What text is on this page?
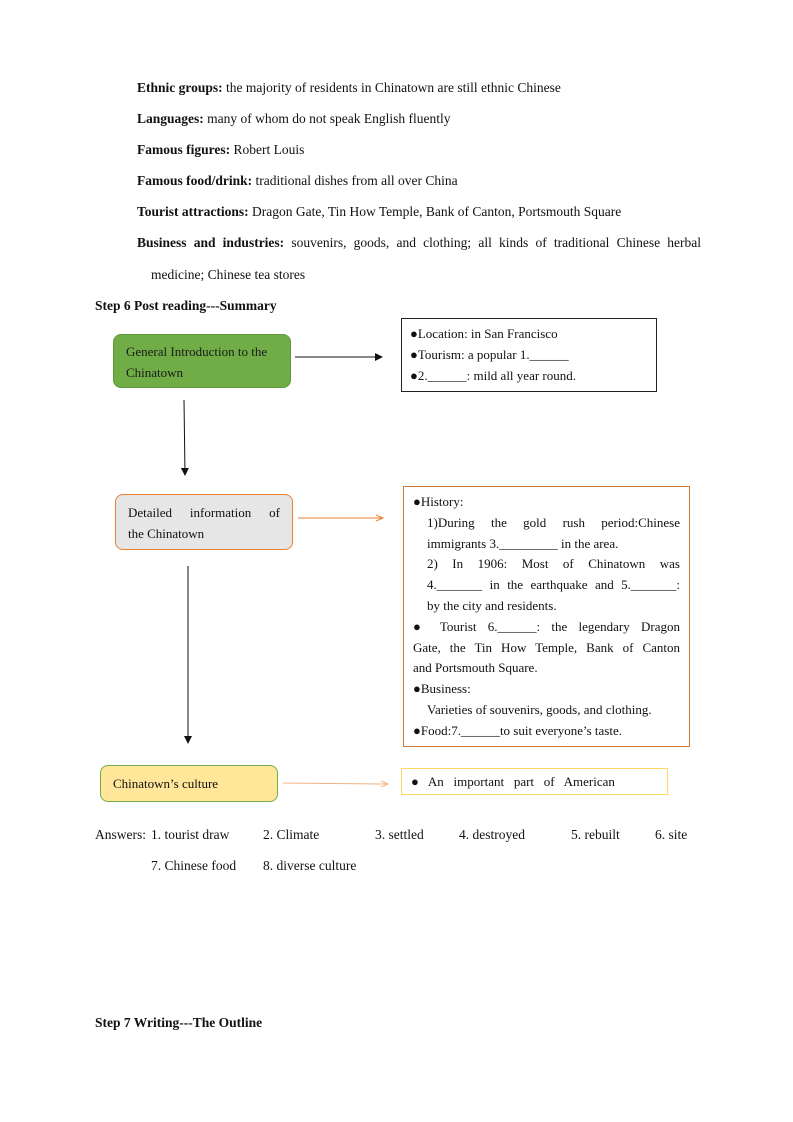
Ethnic groups: the majority of residents in Chinatown are still ethnic Chinese
Languages: many of whom do not speak English fluently
Famous figures: Robert Louis
Famous food/drink: traditional dishes from all over China
Tourist attractions: Dragon Gate, Tin How Temple, Bank of Canton, Portsmouth Square
Business and industries: souvenirs, goods, and clothing; all kinds of traditional Chinese herbal
medicine; Chinese tea stores
Step 6 Post reading---Summary
General Introduction to the Chinatown
Detailed information of
the Chinatown
Chinatown’s culture

●Location: in San Francisco

●Tourism: a popular 1.______

●2.______: mild all year round.

●History:

1)During the gold rush period:Chinese

immigrants 3._________ in the area.

2) In 1906: Most of Chinatown was

4._______ in the earthquake and 5._______:

by the city and residents.

● Tourist 6.______: the legendary Dragon

Gate, the Tin How Temple, Bank of Canton

and Portsmouth Square.

●Business:

Varieties of souvenirs, goods, and clothing.

●Food:7.______to suit everyone’s taste.

●   An   important   part   of   American

Answers: 1. tourist draw 2. Climate	3. settled	4. destroyed	5. rebuilt	6. site
7. Chinese food 8. diverse culture
Step 7 Writing---The Outline
